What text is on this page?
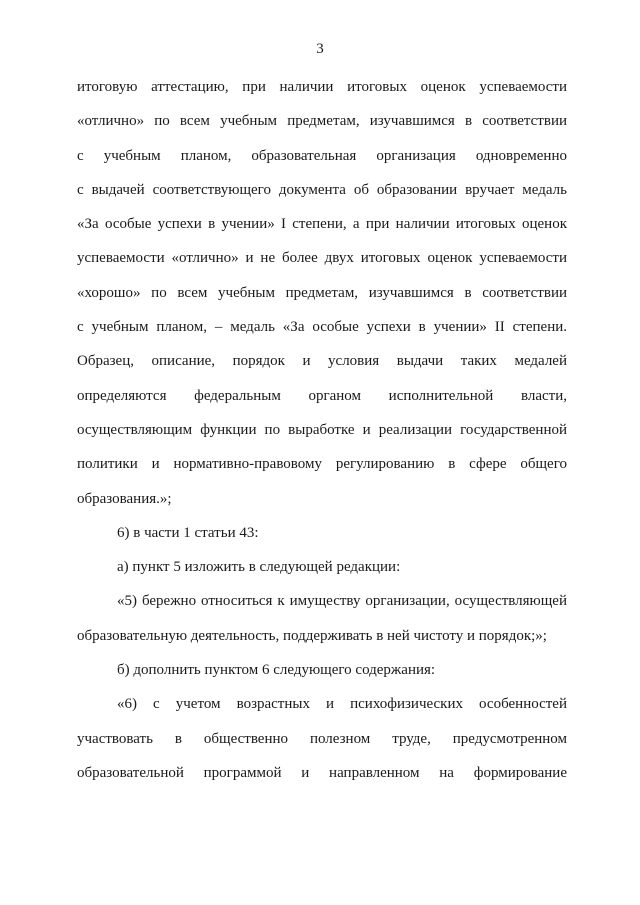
3
итоговую аттестацию, при наличии итоговых оценок успеваемости
«отлично» по всем учебным предметам, изучавшимся в соответствии
с учебным планом, образовательная организация одновременно
с выдачей соответствующего документа об образовании вручает медаль
«За особые успехи в учении» I степени, а при наличии итоговых оценок
успеваемости «отлично» и не более двух итоговых оценок успеваемости
«хорошо» по всем учебным предметам, изучавшимся в соответствии
с учебным планом, – медаль «За особые успехи в учении» II степени.
Образец, описание, порядок и условия выдачи таких медалей
определяются федеральным органом исполнительной власти,
осуществляющим функции по выработке и реализации государственной
политики и нормативно-правовому регулированию в сфере общего
образования.»;
6) в части 1 статьи 43:
а) пункт 5 изложить в следующей редакции:
«5) бережно относиться к имуществу организации, осуществляющей
образовательную деятельность, поддерживать в ней чистоту и порядок;»;
б) дополнить пунктом 6 следующего содержания:
«6) с учетом возрастных и психофизических особенностей
участвовать в общественно полезном труде, предусмотренном
образовательной программой и направленном на формирование
